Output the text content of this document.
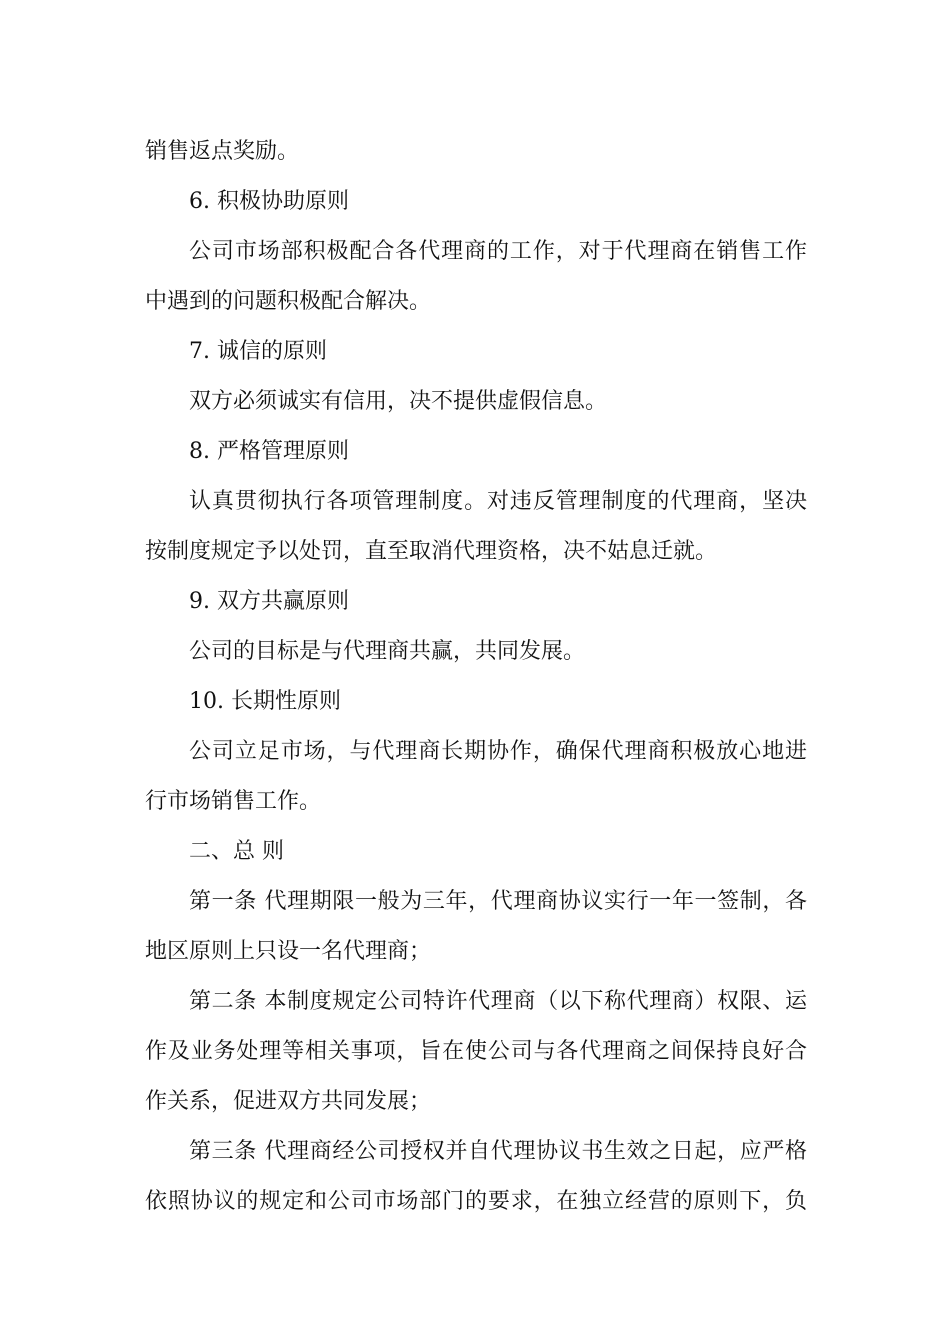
销售返点奖励。
6. 积极协助原则
公司市场部积极配合各代理商的工作，对于代理商在销售工作
中遇到的问题积极配合解决。
7. 诚信的原则
双方必须诚实有信用，决不提供虚假信息。
8. 严格管理原则
认真贯彻执行各项管理制度。对违反管理制度的代理商，坚决
按制度规定予以处罚，直至取消代理资格，决不姑息迁就。
9. 双方共赢原则
公司的目标是与代理商共赢，共同发展。
10. 长期性原则
公司立足市场，与代理商长期协作，确保代理商积极放心地进
行市场销售工作。
二、总 则
第一条 代理期限一般为三年，代理商协议实行一年一签制，各
地区原则上只设一名代理商；
第二条 本制度规定公司特许代理商（以下称代理商）权限、运
作及业务处理等相关事项，旨在使公司与各代理商之间保持良好合
作关系，促进双方共同发展；
第三条 代理商经公司授权并自代理协议书生效之日起，应严格
依照协议的规定和公司市场部门的要求，在独立经营的原则下，负
